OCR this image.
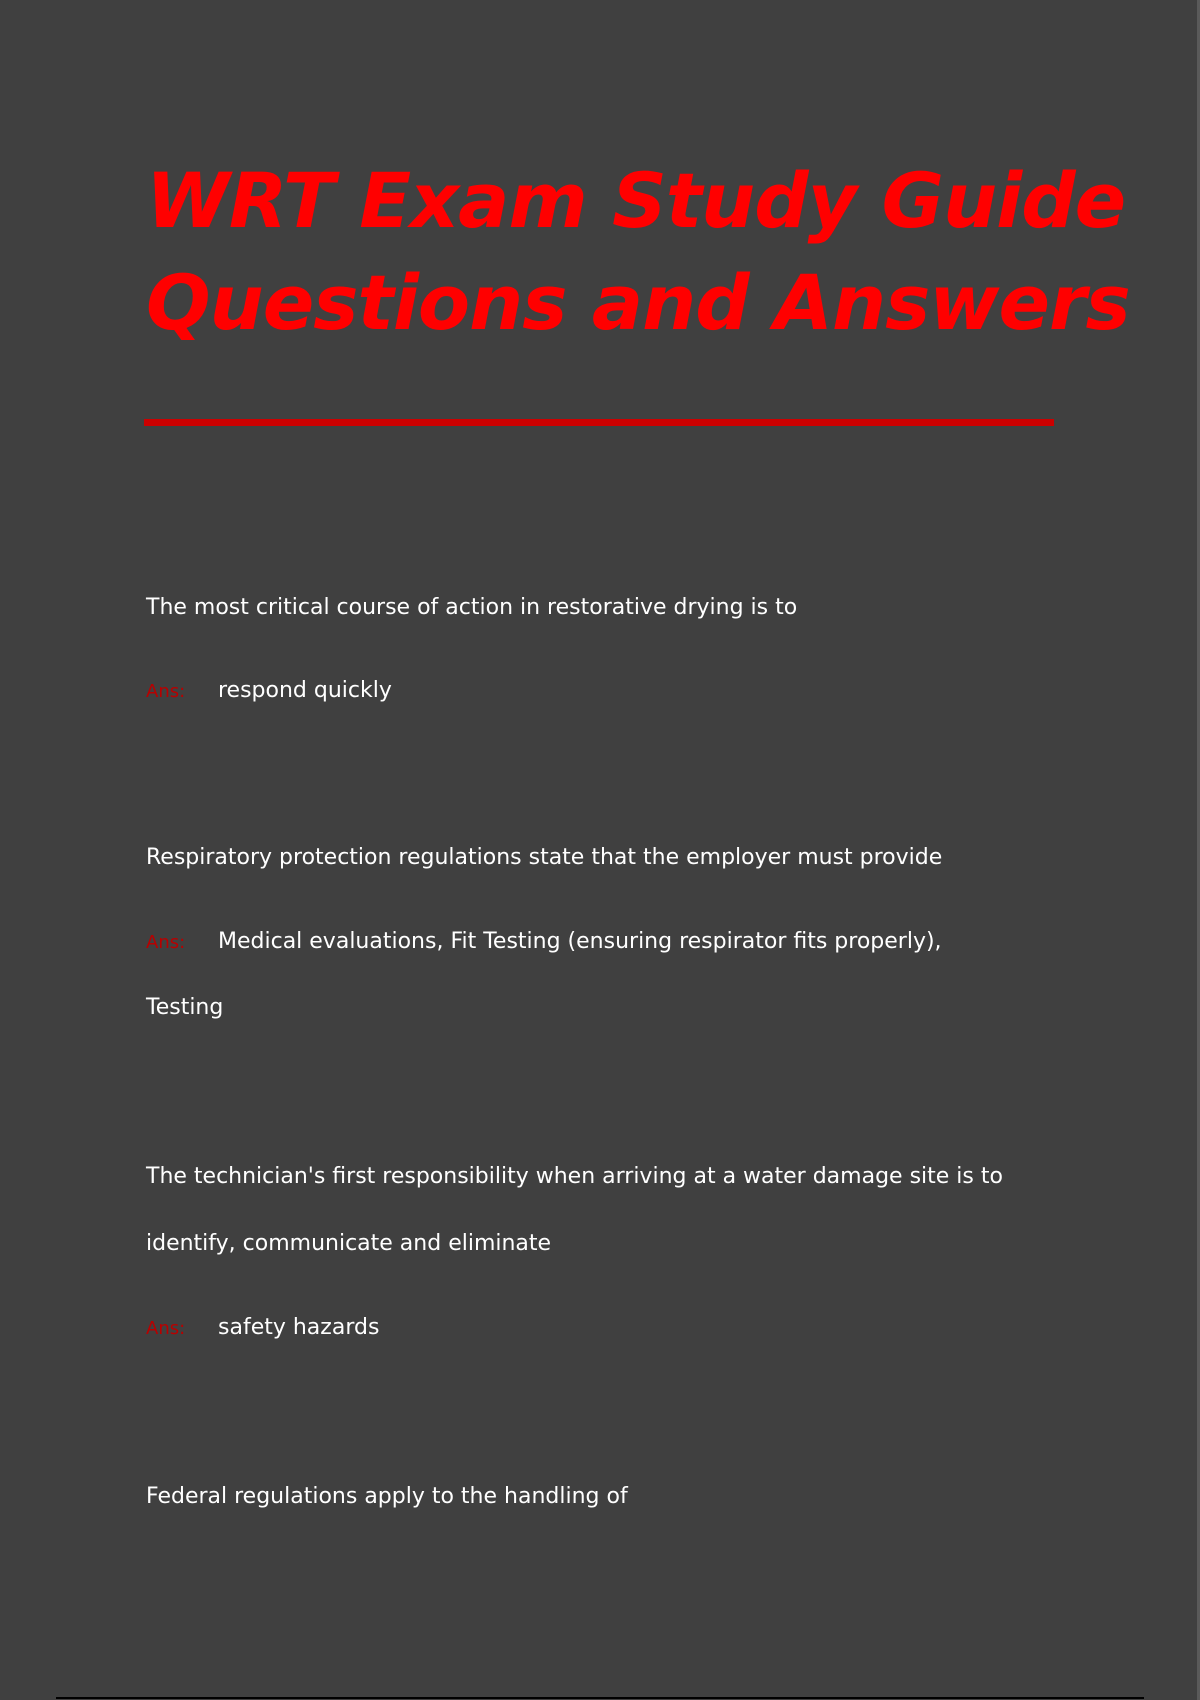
WRT Exam Study Guide
Questions and Answers
The most critical course of action in restorative drying is to
Ans: respond quickly
Respiratory protection regulations state that the employer must provide
Ans: Medical evaluations, Fit Testing (ensuring respirator fits properly),
Testing
The technician's first responsibility when arriving at a water damage site is to
identify, communicate and eliminate
Ans: safety hazards
Federal regulations apply to the handling of
